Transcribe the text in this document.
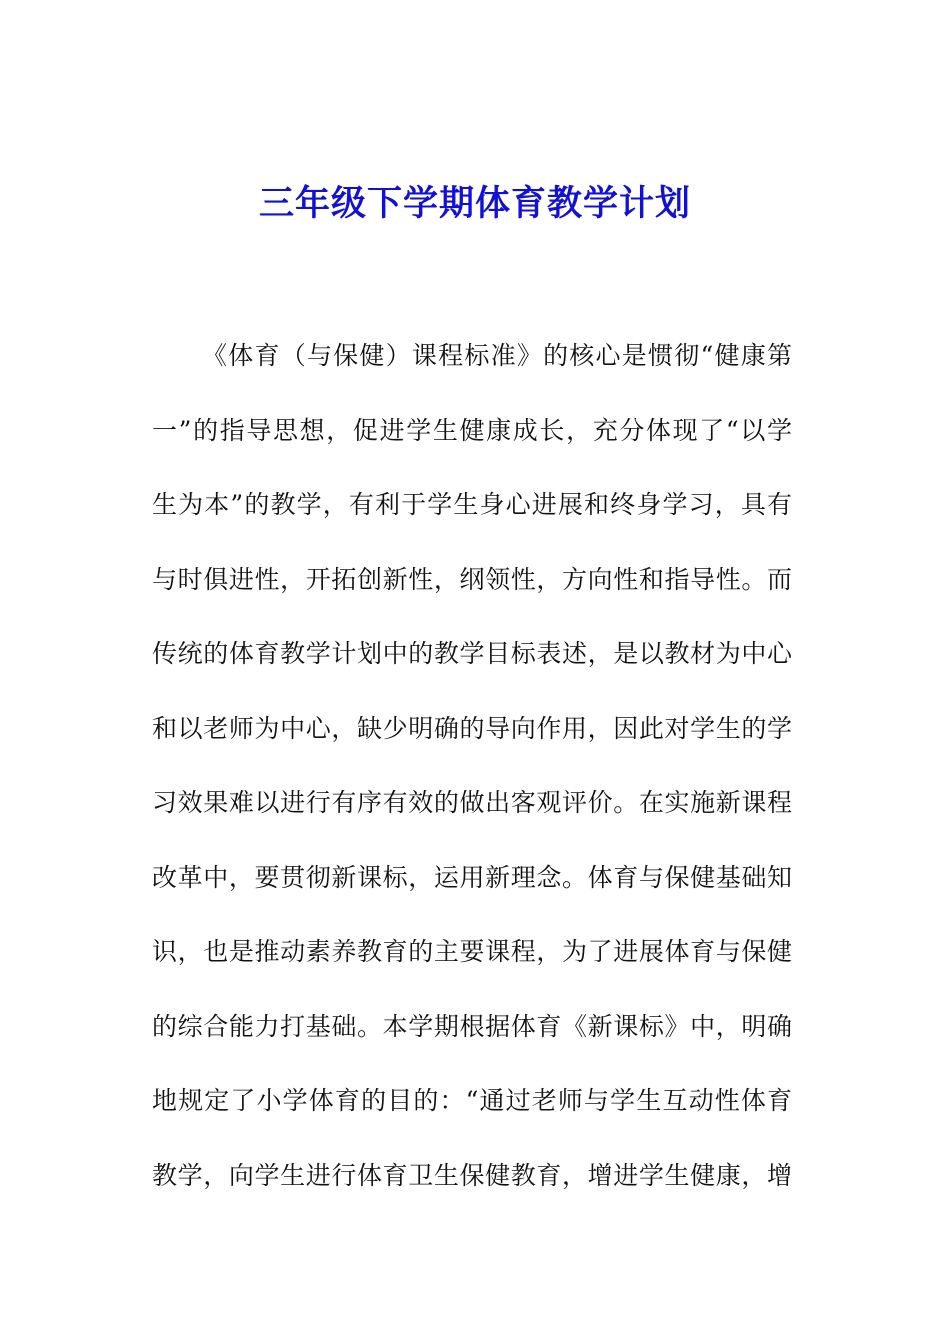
三年级下学期体育教学计划
《体育（与保健）课程标准》的核心是惯彻“健康第
一”的指导思想，促进学生健康成长，充分体现了“以学
生为本”的教学，有利于学生身心进展和终身学习，具有
与时俱进性，开拓创新性，纲领性，方向性和指导性。而
传统的体育教学计划中的教学目标表述，是以教材为中心
和以老师为中心，缺少明确的导向作用，因此对学生的学
习效果难以进行有序有效的做出客观评价。在实施新课程
改革中，要贯彻新课标，运用新理念。体育与保健基础知
识，也是推动素养教育的主要课程，为了进展体育与保健
的综合能力打基础。本学期根据体育《新课标》中，明确
地规定了小学体育的目的：“通过老师与学生互动性体育
教学，向学生进行体育卫生保健教育，增进学生健康，增
